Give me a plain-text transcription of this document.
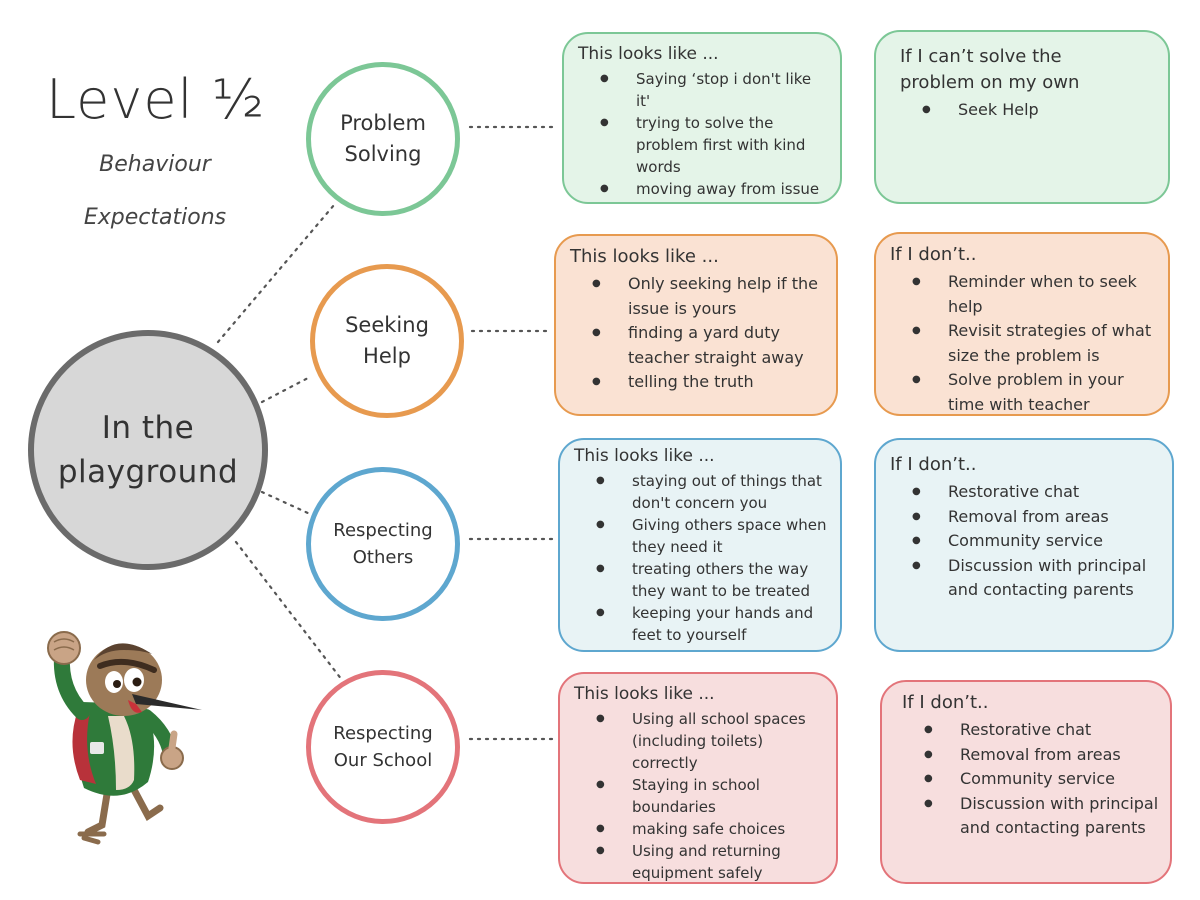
Level ½
Behaviour
Expectations
In the
playground
Problem
Solving
Seeking
Help
Respecting
Others
Respecting
Our School
This looks like ...
● Saying ‘stop i don't like it'
● trying to solve the problem first with kind words
● moving away from issue
If I can’t solve the problem on my own
● Seek Help
This looks like ...
● Only seeking help if the issue is yours
● finding a yard duty teacher straight away
● telling the truth
If I don’t..
● Reminder when to seek help
● Revisit strategies of what size the problem is
● Solve problem in your time with teacher
This looks like ...
● staying out of things that don't concern you
● Giving others space when they need it
● treating others the way they want to be treated
● keeping your hands and feet to yourself
If I don’t..
● Restorative chat
● Removal from areas
● Community service
● Discussion with principal and contacting parents
This looks like ...
● Using all school spaces (including toilets) correctly
● Staying in school boundaries
● making safe choices
● Using and returning equipment safely
If I don’t..
● Restorative chat
● Removal from areas
● Community service
● Discussion with principal and contacting parents
